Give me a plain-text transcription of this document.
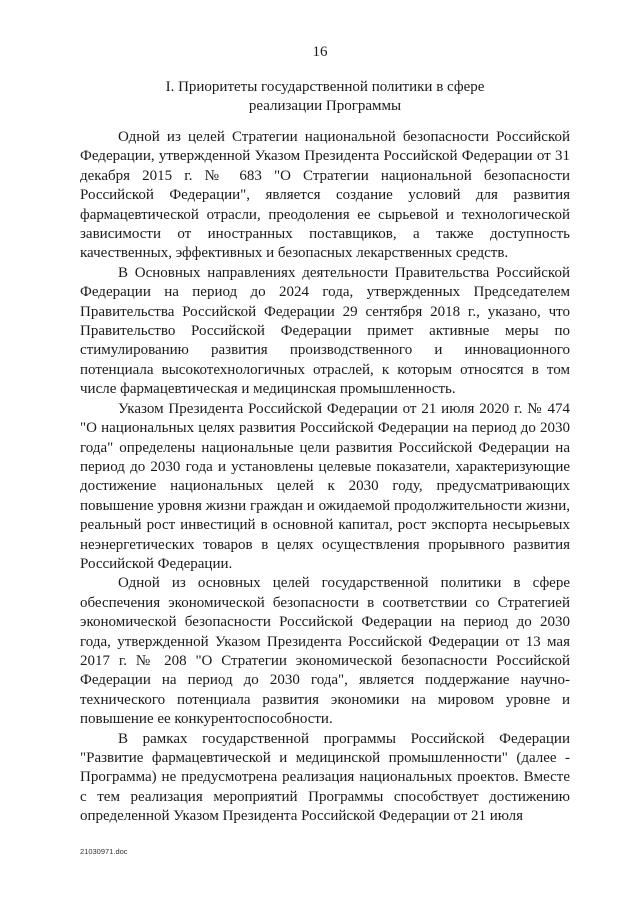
16
I. Приоритеты государственной политики в сфере
реализации Программы

Одной из целей Стратегии национальной безопасности Российской Федерации, утвержденной Указом Президента Российской Федерации от 31 декабря 2015 г. № 683 "О Стратегии национальной безопасности Российской Федерации", является создание условий для развития фармацевтической отрасли, преодоления ее сырьевой и технологической зависимости от иностранных поставщиков, а также доступность качественных, эффективных и безопасных лекарственных средств.

В Основных направлениях деятельности Правительства Российской Федерации на период до 2024 года, утвержденных Председателем Правительства Российской Федерации 29 сентября 2018 г., указано, что Правительство Российской Федерации примет активные меры по стимулированию развития производственного и инновационного потенциала высокотехнологичных отраслей, к которым относятся в том числе фармацевтическая и медицинская промышленность.

Указом Президента Российской Федерации от 21 июля 2020 г. № 474 "О национальных целях развития Российской Федерации на период до 2030 года" определены национальные цели развития Российской Федерации на период до 2030 года и установлены целевые показатели, характеризующие достижение национальных целей к 2030 году, предусматривающих повышение уровня жизни граждан и ожидаемой продолжительности жизни, реальный рост инвестиций в основной капитал, рост экспорта несырьевых неэнергетических товаров в целях осуществления прорывного развития Российской Федерации.

Одной из основных целей государственной политики в сфере обеспечения экономической безопасности в соответствии со Стратегией экономической безопасности Российской Федерации на период до 2030 года, утвержденной Указом Президента Российской Федерации от 13 мая 2017 г. № 208 "О Стратегии экономической безопасности Российской Федерации на период до 2030 года", является поддержание научно-технического потенциала развития экономики на мировом уровне и повышение ее конкурентоспособности.

В рамках государственной программы Российской Федерации "Развитие фармацевтической и медицинской промышленности" (далее - Программа) не предусмотрена реализация национальных проектов. Вместе с тем реализация мероприятий Программы способствует достижению определенной Указом Президента Российской Федерации от 21 июля

21030971.doc
